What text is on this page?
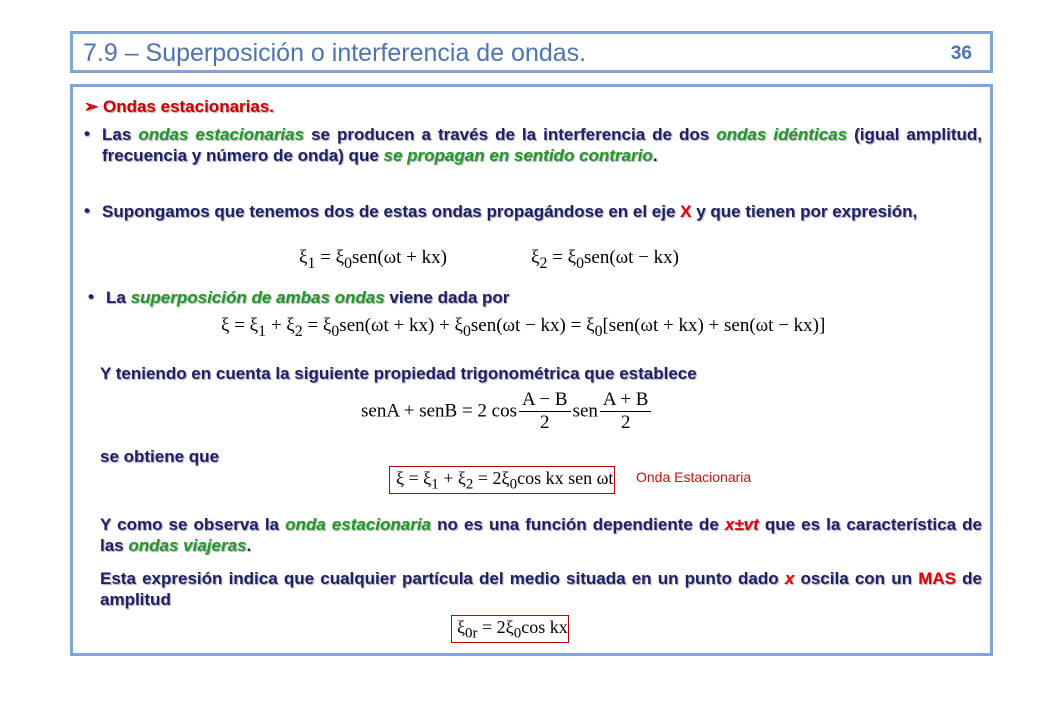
7.9 – Superposición o interferencia de ondas.	36
➢ Ondas estacionarias.
• Las ondas estacionarias se producen a través de la interferencia de dos ondas idénticas (igual amplitud, frecuencia y número de onda) que se propagan en sentido contrario.
• Supongamos que tenemos dos de estas ondas propagándose en el eje X y que tienen por expresión,
$\xi_1 = \xi_0sen(\omega t + kx)$	$\xi_2 = \xi_0sen(\omega t - kx)$
• La superposición de ambas ondas viene dada por
$\xi = \xi_1 + \xi_2 = \xi_0sen(\omega t + kx) + \xi_0sen(\omega t - kx) = \xi_0[sen(\omega t + kx) + sen(\omega t - kx)]$
Y teniendo en cuenta la siguiente propiedad trigonométrica que establece
senA + senB = 2 $\cos \frac{A - B}{2}$ sen $\frac{A + B}{2}$
se obtiene que
$\xi = \xi_1 + \xi_2 = 2\xi_0\cos$ kx sen ωt Onda Estacionaria
Y como se observa la onda estacionaria no es una función dependiente de x±vt que es la característica de las ondas viajeras.
Esta expresión indica que cualquier partícula del medio situada en un punto dado x oscila con un MAS de amplitud
$\xi_{0r} = 2\xi_0\cos$ kx
